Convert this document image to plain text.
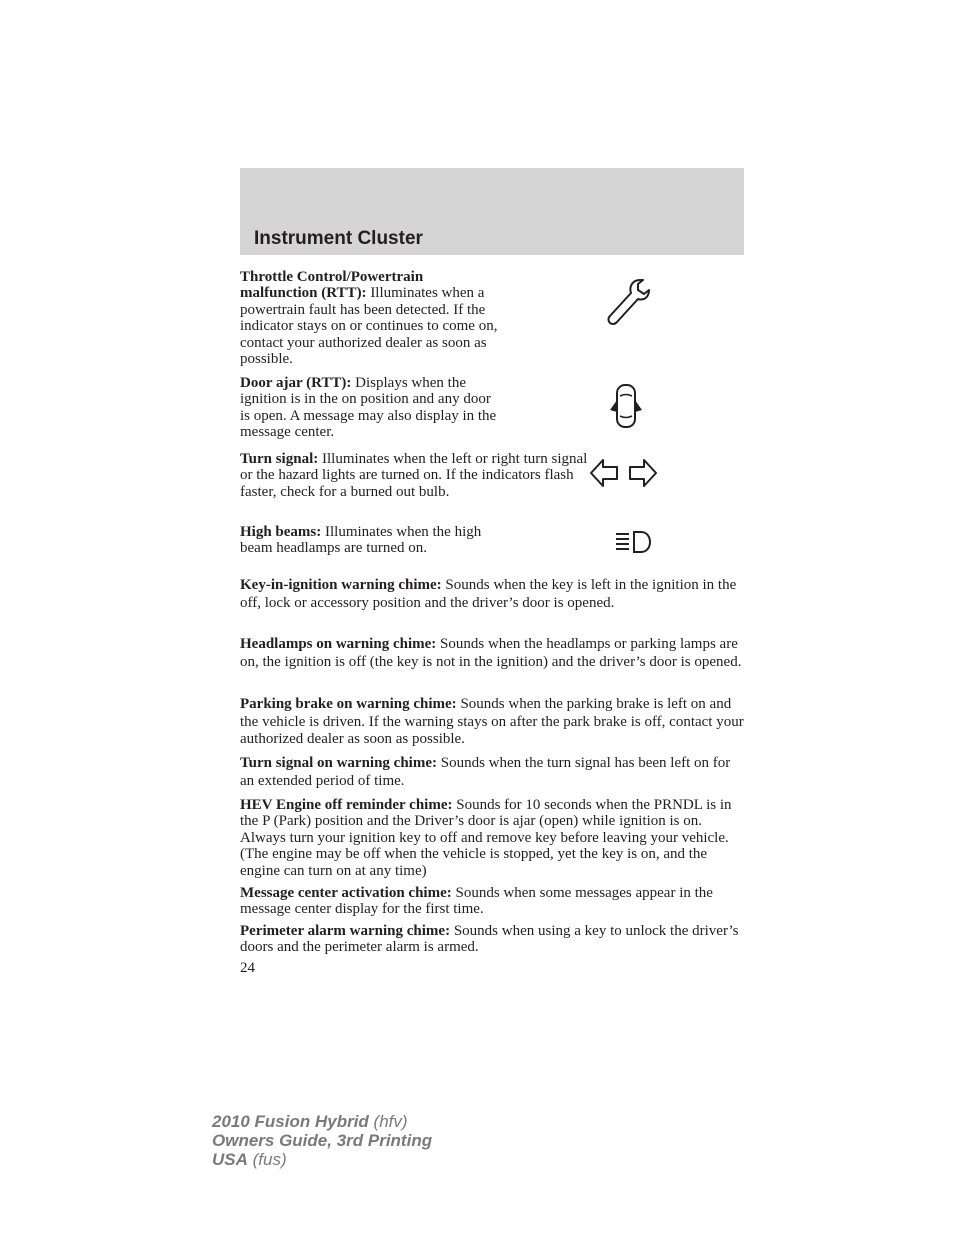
Instrument Cluster

Throttle Control/Powertrain malfunction (RTT): Illuminates when a powertrain fault has been detected. If the indicator stays on or continues to come on, contact your authorized dealer as soon as possible.

Door ajar (RTT): Displays when the ignition is in the on position and any door is open. A message may also display in the message center.

Turn signal: Illuminates when the left or right turn signal or the hazard lights are turned on. If the indicators flash faster, check for a burned out bulb.

High beams: Illuminates when the high beam headlamps are turned on.

Key-in-ignition warning chime: Sounds when the key is left in the ignition in the off, lock or accessory position and the driver’s door is opened.

Headlamps on warning chime: Sounds when the headlamps or parking lamps are on, the ignition is off (the key is not in the ignition) and the driver’s door is opened.

Parking brake on warning chime: Sounds when the parking brake is left on and the vehicle is driven. If the warning stays on after the park brake is off, contact your authorized dealer as soon as possible.

Turn signal on warning chime: Sounds when the turn signal has been left on for an extended period of time.

HEV Engine off reminder chime: Sounds for 10 seconds when the PRNDL is in the P (Park) position and the Driver’s door is ajar (open) while ignition is on. Always turn your ignition key to off and remove key before leaving your vehicle. (The engine may be off when the vehicle is stopped, yet the key is on, and the engine can turn on at any time)

Message center activation chime: Sounds when some messages appear in the message center display for the first time.

Perimeter alarm warning chime: Sounds when using a key to unlock the driver’s doors and the perimeter alarm is armed.

24
2010 Fusion Hybrid (hfv)
Owners Guide, 3rd Printing
USA (fus)
